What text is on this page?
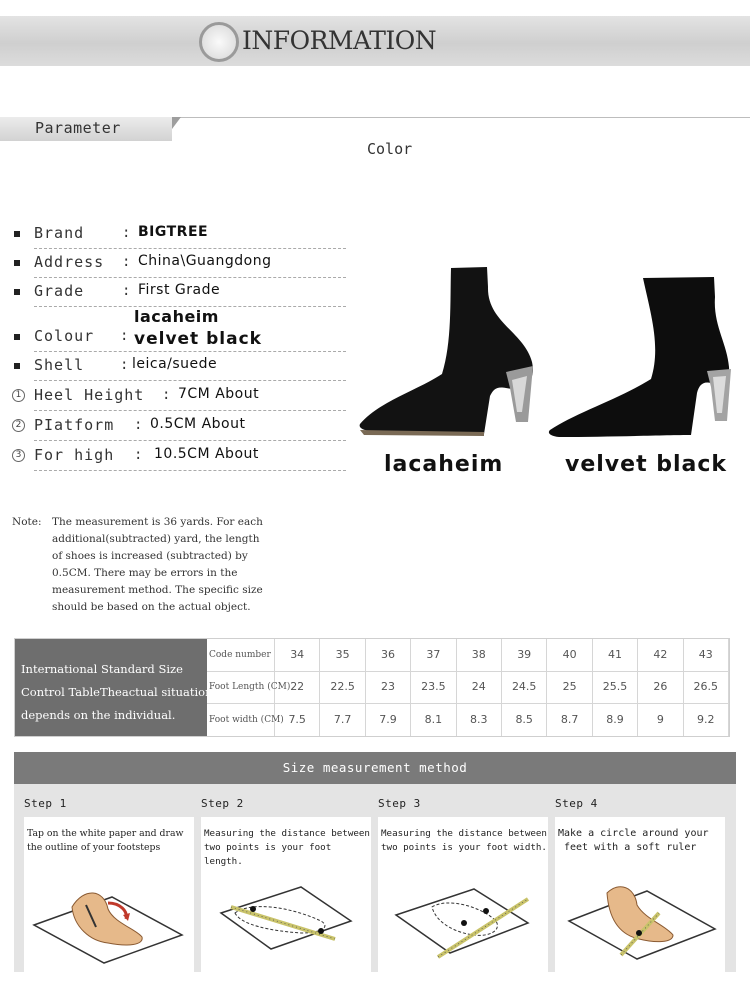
INFORMATION
Parameter
Color
Brand	: BIGTREE
Address : China\Guangdong
Grade	: First Grade
lacaheim
Colour : velvet black
Shell	: leica/suede
1 Heel Height : 7CM About
2 PIatform : 0.5CM About
3 For high : 10.5CM About	lacaheim	velvet black
Note: The measurement is 36 yards. For each
additional(subtracted) yard, the length
of shoes is increased (subtracted) by
0.5CM. There may be errors in the
measurement method. The specific size
should be based on the actual object.
International Standard Size
Control TableTheactual situation
depends on the individual.
Code number	34	35	36	37	38	39	40	41	42	43
Foot Length (CM) 22	22.5	23	23.5	24	24.5	25	25.5	26	26.5
Foot width (CM) 7.5	7.7	7.9	8.1	8.3	8.5	8.7	8.9	9	9.2
Size measurement method
Step 1
Tap on the white paper and draw
the outline of your footsteps
Step 2
Measuring the distance between
two points is your foot length.
Step 3
Measuring the distance between
two points is your foot width.
Step 4
Make a circle around your
feet with a soft ruler
